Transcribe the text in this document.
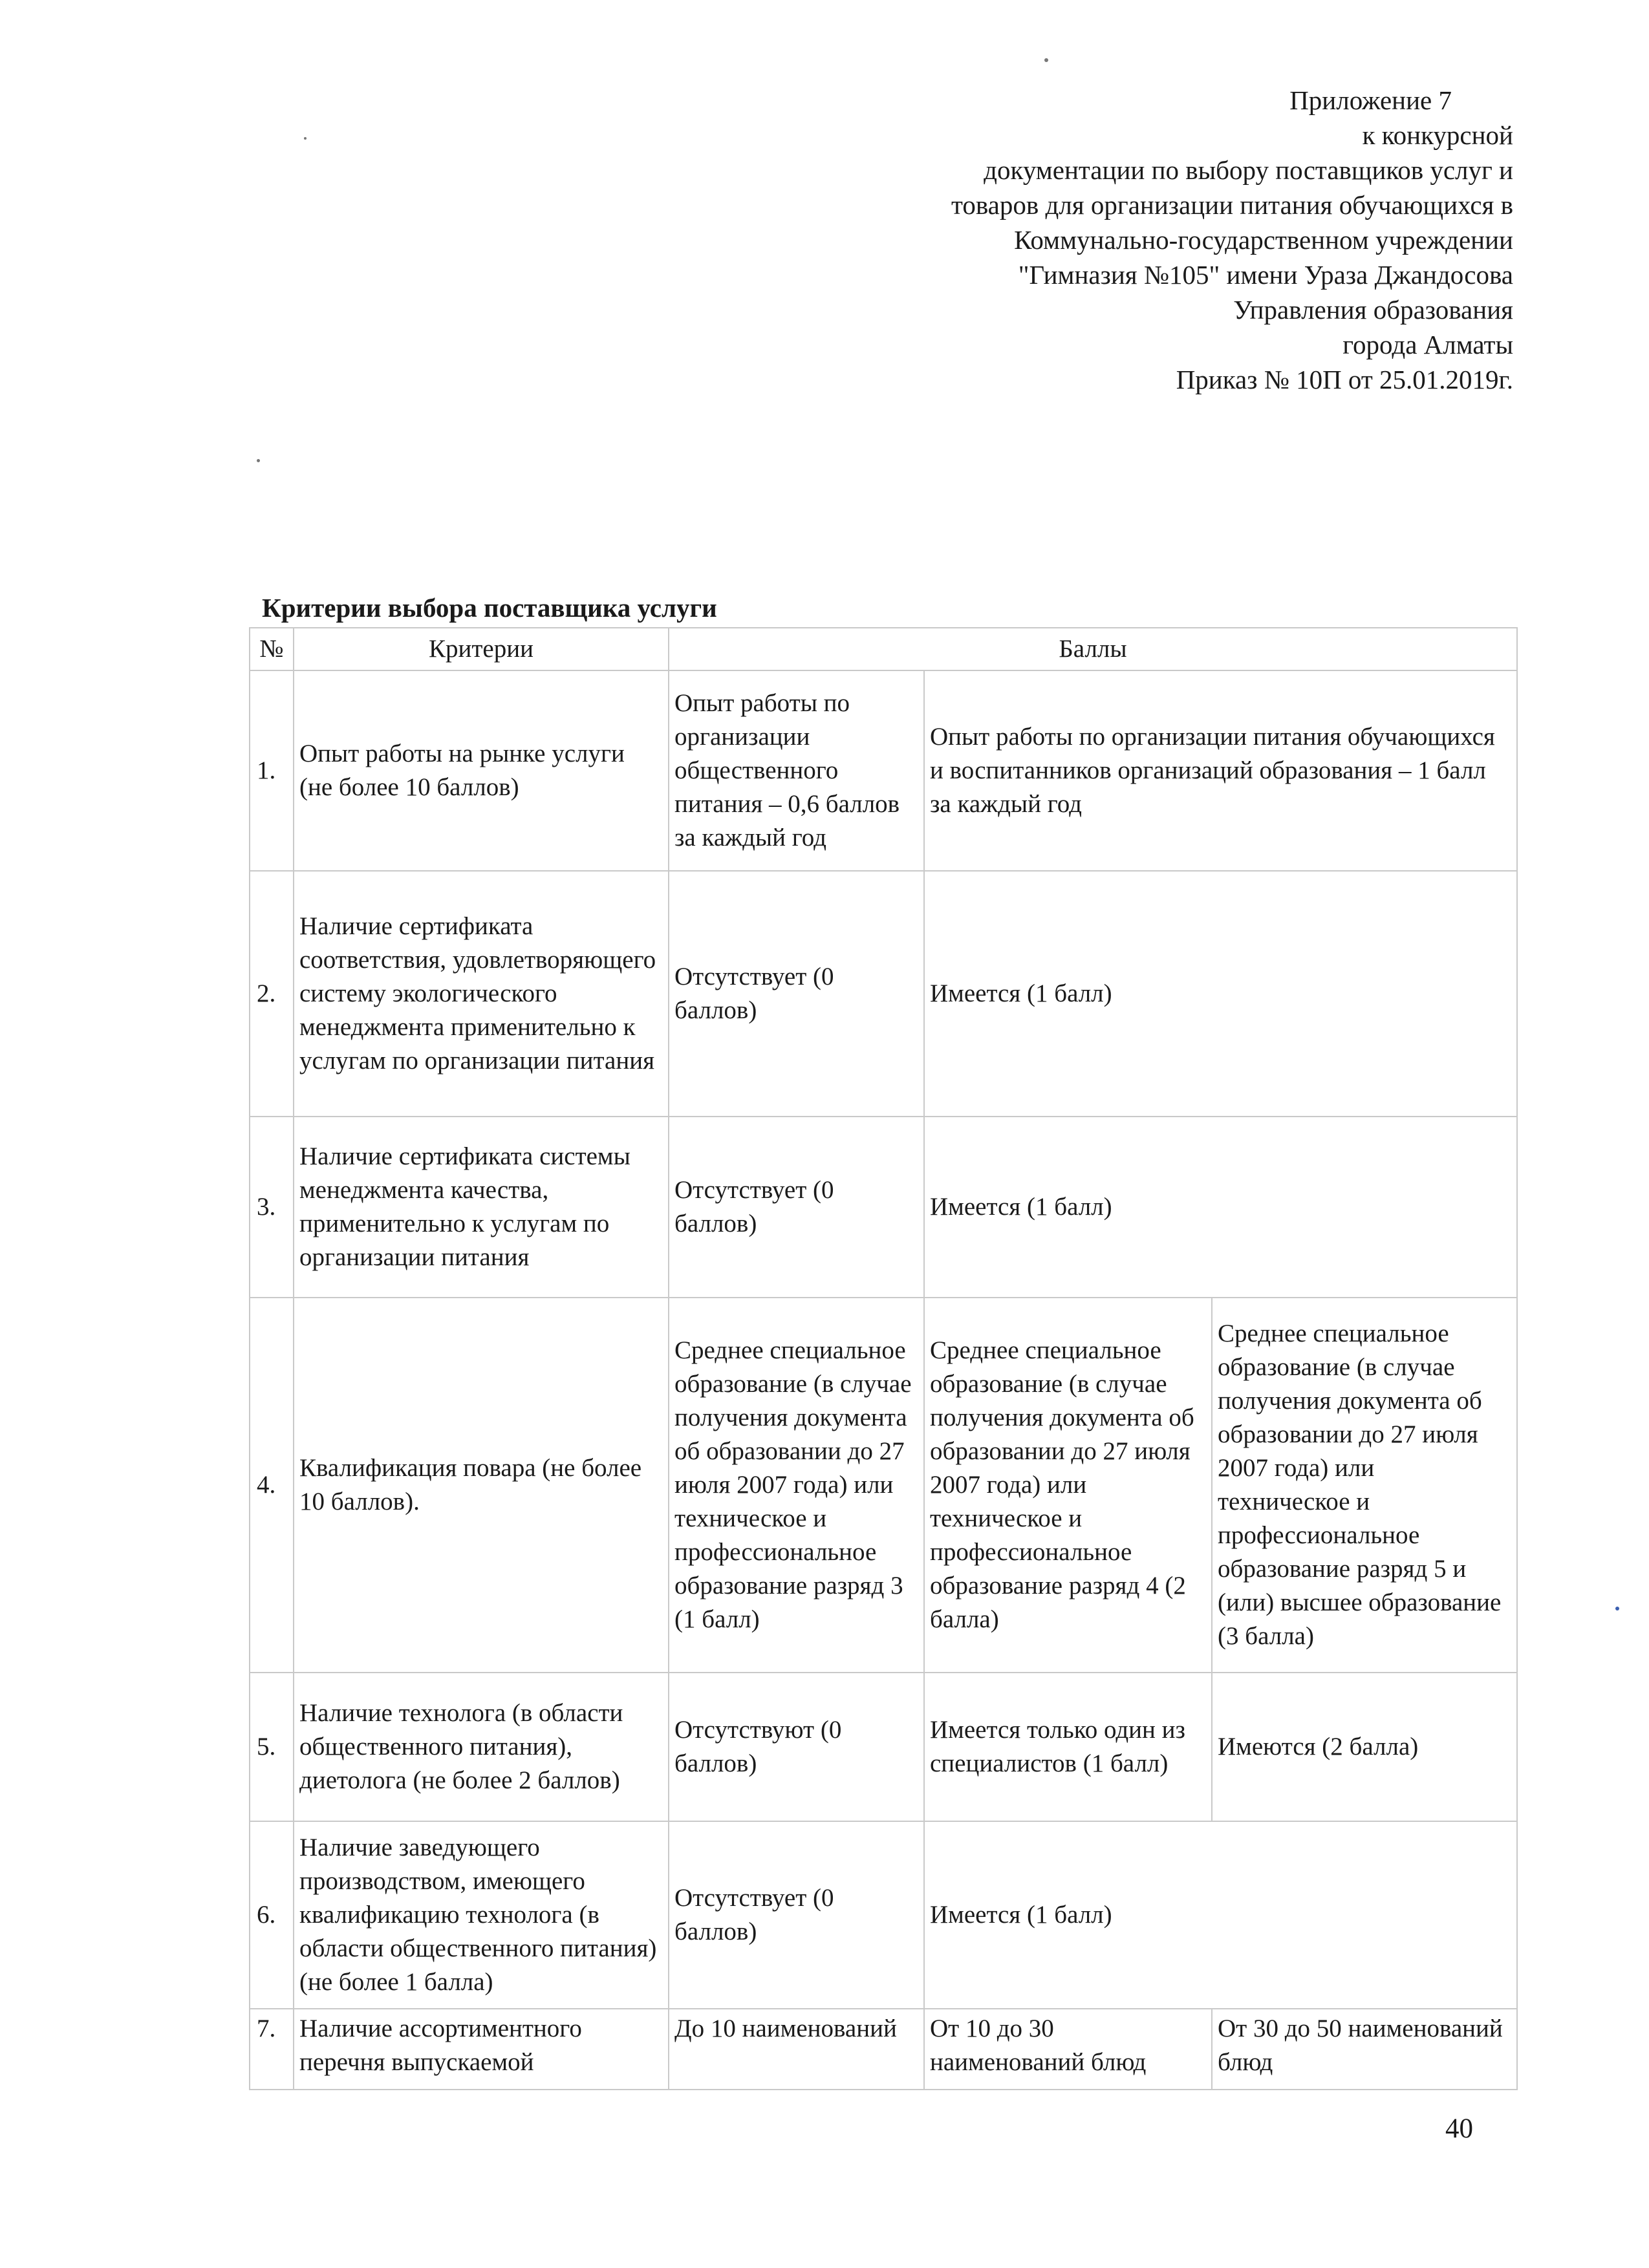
Приложение 7
к конкурсной
документации по выбору поставщиков услуг и
товаров для организации питания обучающихся в
Коммунально-государственном учреждении
"Гимназия №105" имени Ураза Джандосова
Управления образования
города Алматы
Приказ № 10П от 25.01.2019г.
Критерии выбора поставщика услуги
№	Критерии	Баллы		
1.	Опыт работы на рынке услуги (не более 10 баллов)	Опыт работы по организации общественного питания – 0,6 баллов за каждый год	Опыт работы по организации питания обучающихся и воспитанников организаций образования – 1 балл за каждый год	
2.	Наличие сертификата соответствия, удовлетворяющего систему экологического менеджмента применительно к услугам по организации питания	Отсутствует (0 баллов)	Имеется (1 балл)	
3.	Наличие сертификата системы менеджмента качества, применительно к услугам по организации питания	Отсутствует (0 баллов)	Имеется (1 балл)	
4.	Квалификация повара (не более 10 баллов).	Среднее специальное образование (в случае получения документа об образовании до 27 июля 2007 года) или техническое и профессиональное образование разряд 3 (1 балл)	Среднее специальное образование (в случае получения документа об образовании до 27 июля 2007 года) или техническое и профессиональное образование разряд 4 (2 балла)	Среднее специальное образование (в случае получения документа об образовании до 27 июля 2007 года) или техническое и профессиональное образование разряд 5 и (или) высшее образование (3 балла)
5.	Наличие технолога (в области общественного питания), диетолога (не более 2 баллов)	Отсутствуют (0 баллов)	Имеется только один из специалистов (1 балл)	Имеются (2 балла)
6.	Наличие заведующего производством, имеющего квалификацию технолога (в области общественного питания) (не более 1 балла)	Отсутствует (0 баллов)	Имеется (1 балл)	
7.	Наличие ассортиментного перечня выпускаемой	До 10 наименований	От 10 до 30 наименований блюд	От 30 до 50 наименований блюд
40
